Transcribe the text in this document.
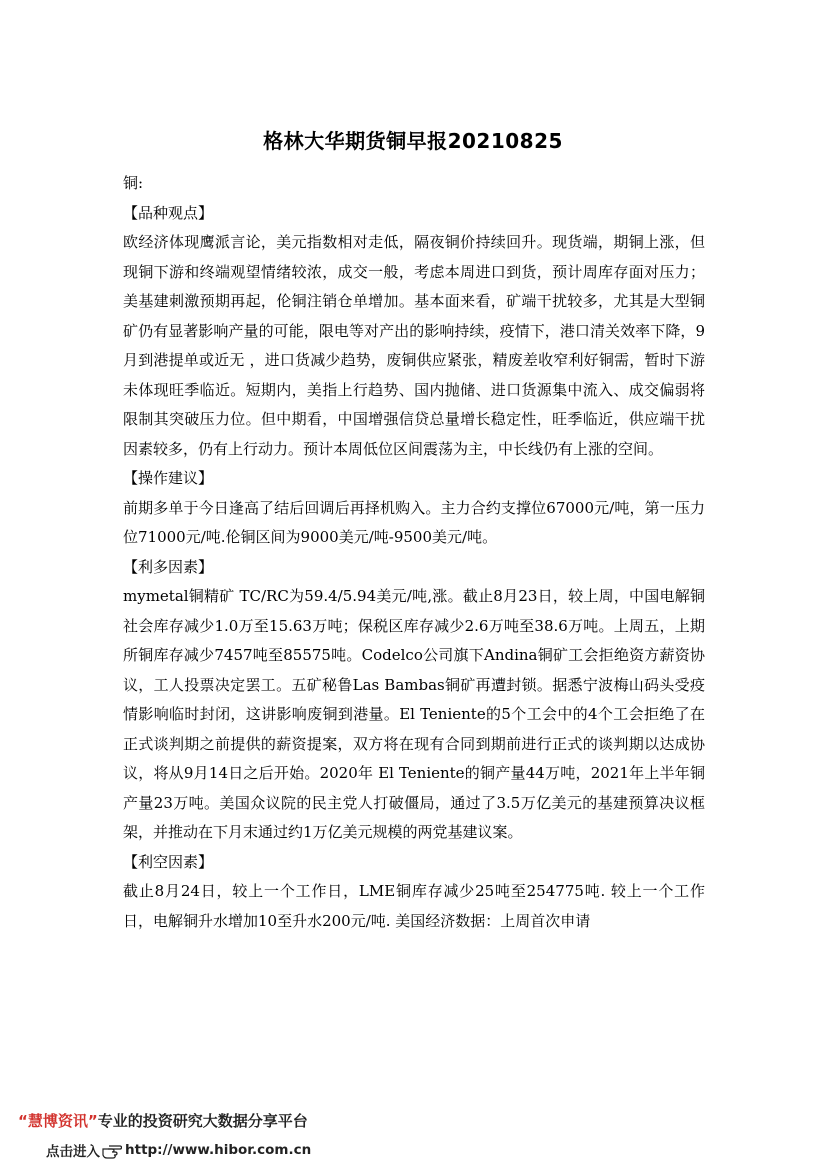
格林大华期货铜早报20210825

铜:

【品种观点】

欧经济体现鹰派言论，美元指数相对走低，隔夜铜价持续回升。现货端，期铜上涨，但现铜下游和终端观望情绪较浓，成交一般，考虑本周进口到货，预计周库存面对压力；美基建刺激预期再起，伦铜注销仓单增加。基本面来看，矿端干扰较多，尤其是大型铜矿仍有显著影响产量的可能，限电等对产出的影响持续，疫情下，港口清关效率下降，9月到港提单或近无 ，进口货减少趋势，废铜供应紧张，精废差收窄利好铜需，暂时下游未体现旺季临近。短期内，美指上行趋势、国内抛储、进口货源集中流入、成交偏弱将限制其突破压力位。但中期看，中国增强信贷总量增长稳定性，旺季临近，供应端干扰因素较多，仍有上行动力。预计本周低位区间震荡为主，中长线仍有上涨的空间。

【操作建议】

前期多单于今日逢高了结后回调后再择机购入。主力合约支撑位67000元/吨，第一压力位71000元/吨.伦铜区间为9000美元/吨-9500美元/吨。

【利多因素】

mymetal铜精矿 TC/RC为59.4/5.94美元/吨,涨。截止8月23日，较上周，中国电解铜社会库存减少1.0万至15.63万吨；保税区库存减少2.6万吨至38.6万吨。上周五，上期所铜库存减少7457吨至85575吨。Codelco公司旗下Andina铜矿工会拒绝资方薪资协议，工人投票决定罢工。五矿秘鲁Las Bambas铜矿再遭封锁。据悉宁波梅山码头受疫情影响临时封闭，这讲影响废铜到港量。El Teniente的5个工会中的4个工会拒绝了在正式谈判期之前提供的薪资提案，双方将在现有合同到期前进行正式的谈判期以达成协议，将从9月14日之后开始。2020年 El Teniente的铜产量44万吨，2021年上半年铜产量23万吨。美国众议院的民主党人打破僵局，通过了3.5万亿美元的基建预算决议框架，并推动在下月末通过约1万亿美元规模的两党基建议案。

【利空因素】

截止8月24日，较上一个工作日，LME铜库存减少25吨至254775吨. 较上一个工作日，电解铜升水增加10至升水200元/吨. 美国经济数据：上周首次申请

“慧博资讯”专业的投资研究大数据分享平台
点击进入 http://www.hibor.com.cn
